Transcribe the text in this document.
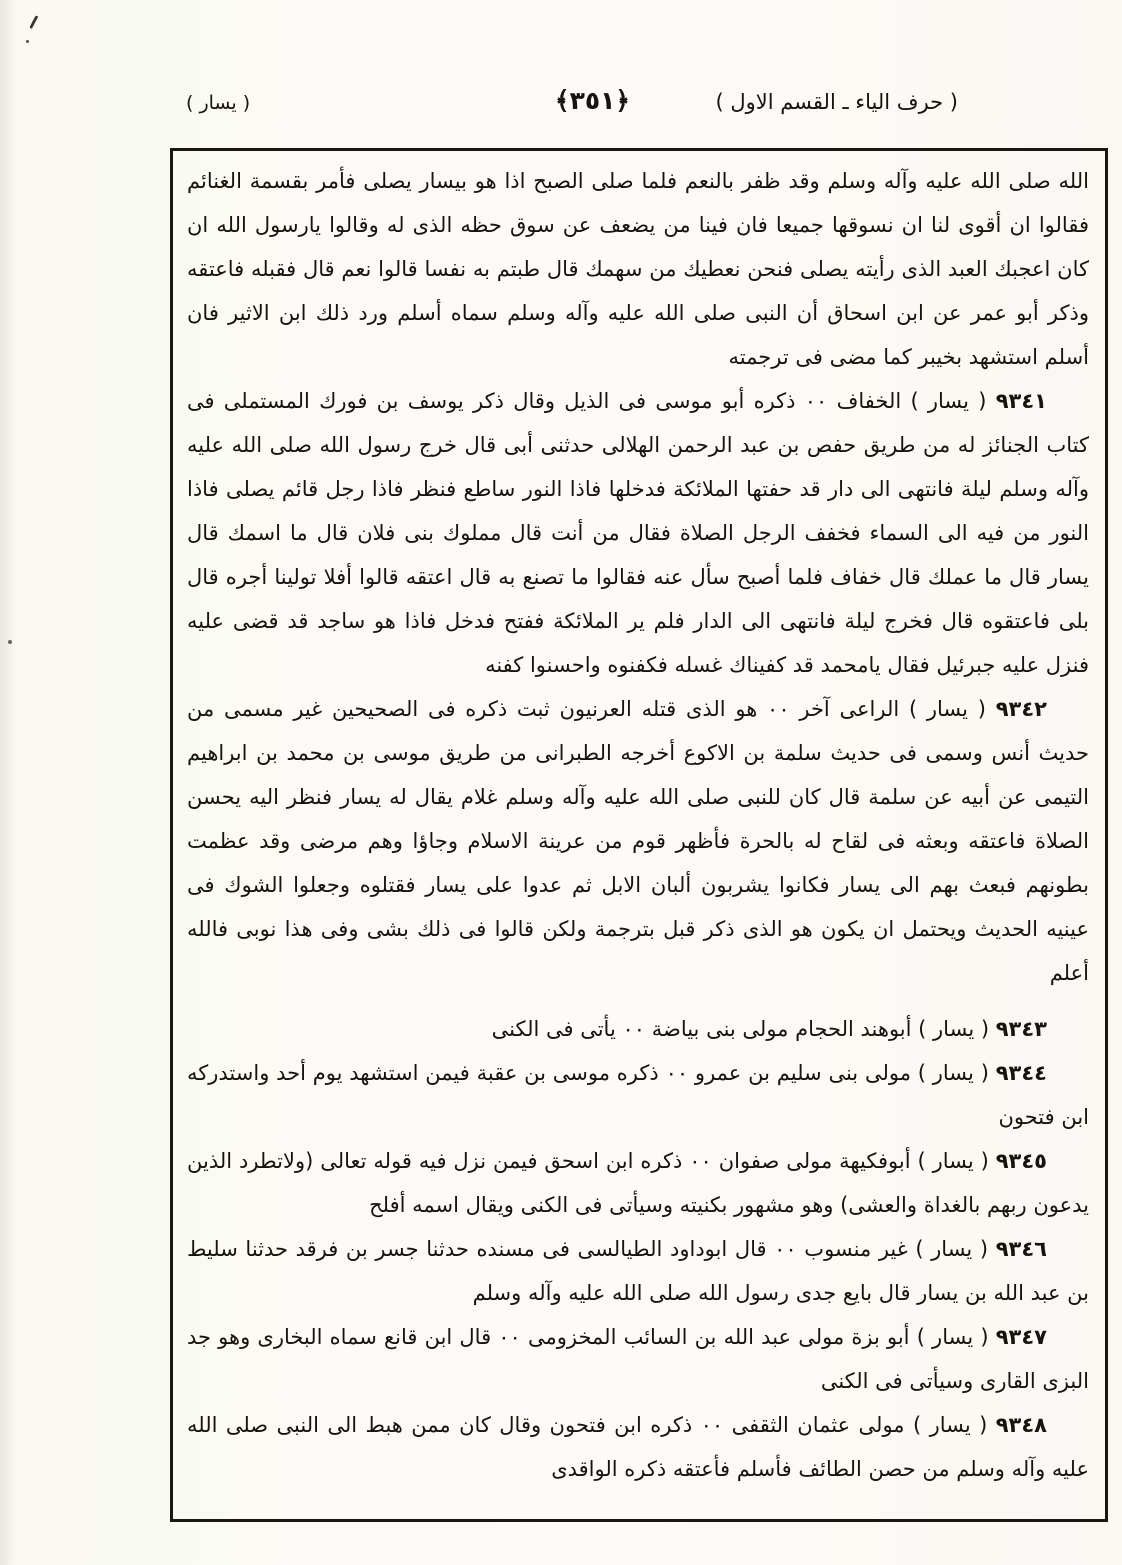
( حرف الياء ـ القسم الاول )
﴿٣٥١﴾
( يسار )

الله صلى الله عليه وآله وسلم وقد ظفر بالنعم فلما صلى الصبح اذا هو بيسار يصلى فأمر بقسمة الغنائم فقالوا ان أقوى لنا ان نسوقها جميعا فان فينا من يضعف عن سوق حظه الذى له وقالوا يارسول الله ان كان اعجبك العبد الذى رأيته يصلى فنحن نعطيك من سهمك قال طبتم به نفسا قالوا نعم قال فقبله فاعتقه وذكر أبو عمر عن ابن اسحاق أن النبى صلى الله عليه وآله وسلم سماه أسلم ورد ذلك ابن الاثير فان أسلم استشهد بخيبر كما مضى فى ترجمته

٩٣٤١ ( يسار ) الخفاف ٠٠ ذكره أبو موسى فى الذيل وقال ذكر يوسف بن فورك المستملى فى كتاب الجنائز له من طريق حفص بن عبد الرحمن الهلالى حدثنى أبى قال خرج رسول الله صلى الله عليه وآله وسلم ليلة فانتهى الى دار قد حفتها الملائكة فدخلها فاذا النور ساطع فنظر فاذا رجل قائم يصلى فاذا النور من فيه الى السماء فخفف الرجل الصلاة فقال من أنت قال مملوك بنى فلان قال ما اسمك قال يسار قال ما عملك قال خفاف فلما أصبح سأل عنه فقالوا ما تصنع به قال اعتقه قالوا أفلا تولينا أجره قال بلى فاعتقوه قال فخرج ليلة فانتهى الى الدار فلم ير الملائكة ففتح فدخل فاذا هو ساجد قد قضى عليه فنزل عليه جبرئيل فقال يامحمد قد كفيناك غسله فكفنوه واحسنوا كفنه

٩٣٤٢ ( يسار ) الراعى آخر ٠٠ هو الذى قتله العرنيون ثبت ذكره فى الصحيحين غير مسمى من حديث أنس وسمى فى حديث سلمة بن الاكوع أخرجه الطبرانى من طريق موسى بن محمد بن ابراهيم التيمى عن أبيه عن سلمة قال كان للنبى صلى الله عليه وآله وسلم غلام يقال له يسار فنظر اليه يحسن الصلاة فاعتقه وبعثه فى لقاح له بالحرة فأظهر قوم من عرينة الاسلام وجاؤا وهم مرضى وقد عظمت بطونهم فبعث بهم الى يسار فكانوا يشربون ألبان الابل ثم عدوا على يسار فقتلوه وجعلوا الشوك فى عينيه الحديث ويحتمل ان يكون هو الذى ذكر قبل بترجمة ولكن قالوا فى ذلك بشى وفى هذا نوبى فالله أعلم

٩٣٤٣ ( يسار ) أبوهند الحجام مولى بنى بياضة ٠٠ يأتى فى الكنى

٩٣٤٤ ( يسار ) مولى بنى سليم بن عمرو ٠٠ ذكره موسى بن عقبة فيمن استشهد يوم أحد واستدركه ابن فتحون

٩٣٤٥ ( يسار ) أبوفكيهة مولى صفوان ٠٠ ذكره ابن اسحق فيمن نزل فيه قوله تعالى (ولاتطرد الذين يدعون ربهم بالغداة والعشى) وهو مشهور بكنيته وسيأتى فى الكنى ويقال اسمه أفلح

٩٣٤٦ ( يسار ) غير منسوب ٠٠ قال ابوداود الطيالسى فى مسنده حدثنا جسر بن فرقد حدثنا سليط بن عبد الله بن يسار قال بايع جدى رسول الله صلى الله عليه وآله وسلم

٩٣٤٧ ( يسار ) أبو بزة مولى عبد الله بن السائب المخزومى ٠٠ قال ابن قانع سماه البخارى وهو جد البزى القارى وسيأتى فى الكنى

٩٣٤٨ ( يسار ) مولى عثمان الثقفى ٠٠ ذكره ابن فتحون وقال كان ممن هبط الى النبى صلى الله عليه وآله وسلم من حصن الطائف فأسلم فأعتقه ذكره الواقدى
